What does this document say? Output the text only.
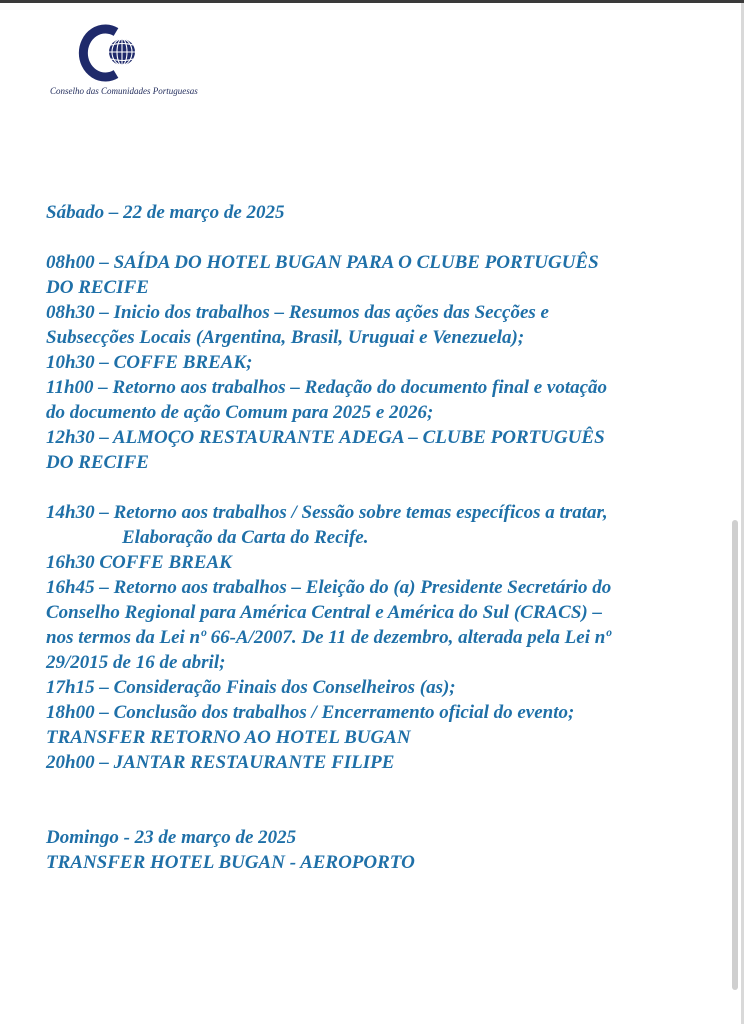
Conselho das Comunidades Portuguesas

Sábado – 22 de março de 2025

08h00 – SAÍDA DO HOTEL BUGAN PARA O CLUBE PORTUGUÊS

DO RECIFE

08h30 – Inicio dos trabalhos – Resumos das ações das Secções e

Subsecções Locais (Argentina, Brasil, Uruguai e Venezuela);

10h30 – COFFE BREAK;

11h00 – Retorno aos trabalhos – Redação do documento final e votação

do documento de ação Comum para 2025 e 2026;

12h30 – ALMOÇO RESTAURANTE ADEGA – CLUBE PORTUGUÊS

DO RECIFE

14h30 – Retorno aos trabalhos / Sessão sobre temas específicos a tratar,

Elaboração da Carta do Recife.

16h30 COFFE BREAK

16h45 – Retorno aos trabalhos – Eleição do (a) Presidente Secretário do

Conselho Regional para América Central e América do Sul (CRACS) –

nos termos da Lei nº 66-A/2007. De 11 de dezembro, alterada pela Lei nº

29/2015 de 16 de abril;

17h15 – Consideração Finais dos Conselheiros (as);

18h00 – Conclusão dos trabalhos / Encerramento oficial do evento;

TRANSFER RETORNO AO HOTEL BUGAN

20h00 – JANTAR RESTAURANTE FILIPE

Domingo - 23 de março de 2025

TRANSFER HOTEL BUGAN - AEROPORTO
